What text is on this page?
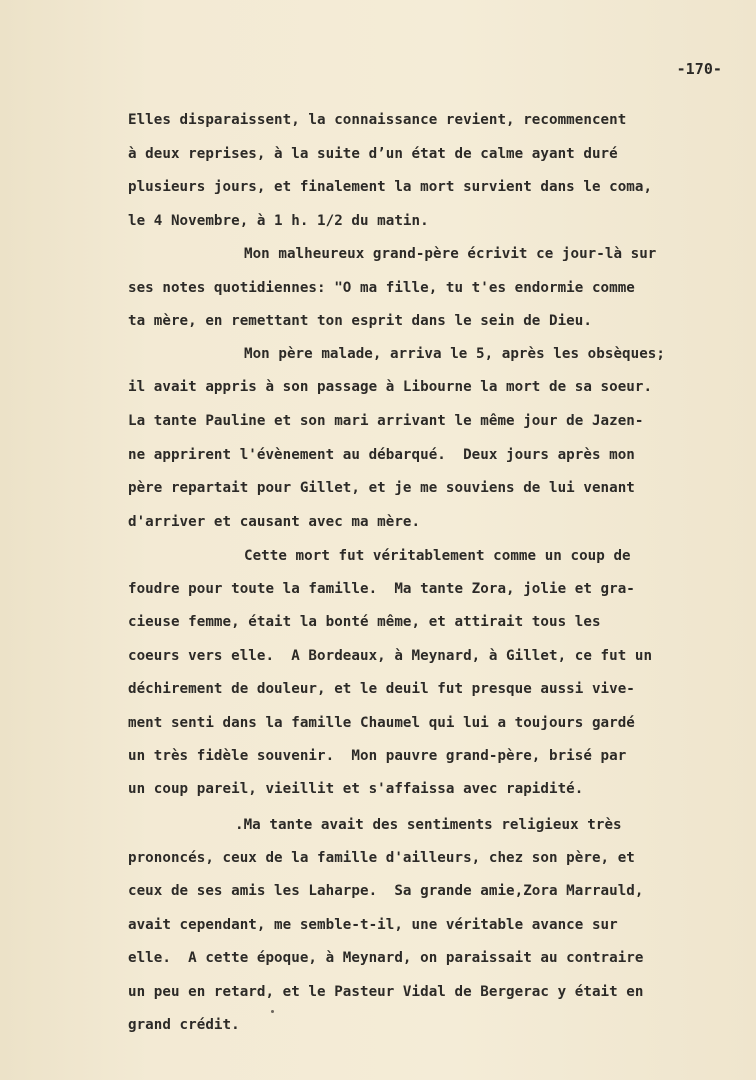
-170-
Elles disparaissent, la connaissance revient, recommencent
à deux reprises, à la suite d’un état de calme ayant duré
plusieurs jours, et finalement la mort survient dans le coma,
le 4 Novembre, à 1 h. 1/2 du matin.
Mon malheureux grand-père écrivit ce jour-là sur
ses notes quotidiennes: "O ma fille, tu t'es endormie comme
ta mère, en remettant ton esprit dans le sein de Dieu.
Mon père malade, arriva le 5, après les obsèques;
il avait appris à son passage à Libourne la mort de sa soeur.
La tante Pauline et son mari arrivant le même jour de Jazen-
ne apprirent l'évènement au débarqué.  Deux jours après mon
père repartait pour Gillet, et je me souviens de lui venant
d'arriver et causant avec ma mère.
Cette mort fut véritablement comme un coup de
foudre pour toute la famille.  Ma tante Zora, jolie et gra-
cieuse femme, était la bonté même, et attirait tous les
coeurs vers elle.  A Bordeaux, à Meynard, à Gillet, ce fut un
déchirement de douleur, et le deuil fut presque aussi vive-
ment senti dans la famille Chaumel qui lui a toujours gardé
un très fidèle souvenir.  Mon pauvre grand-père, brisé par
un coup pareil, vieillit et s'affaissa avec rapidité.
.Ma tante avait des sentiments religieux très
prononcés, ceux de la famille d'ailleurs, chez son père, et
ceux de ses amis les Laharpe.  Sa grande amie,Zora Marrauld,
avait cependant, me semble-t-il, une véritable avance sur
elle.  A cette époque, à Meynard, on paraissait au contraire
un peu en retard, et le Pasteur Vidal de Bergerac y était en
grand crédit.
